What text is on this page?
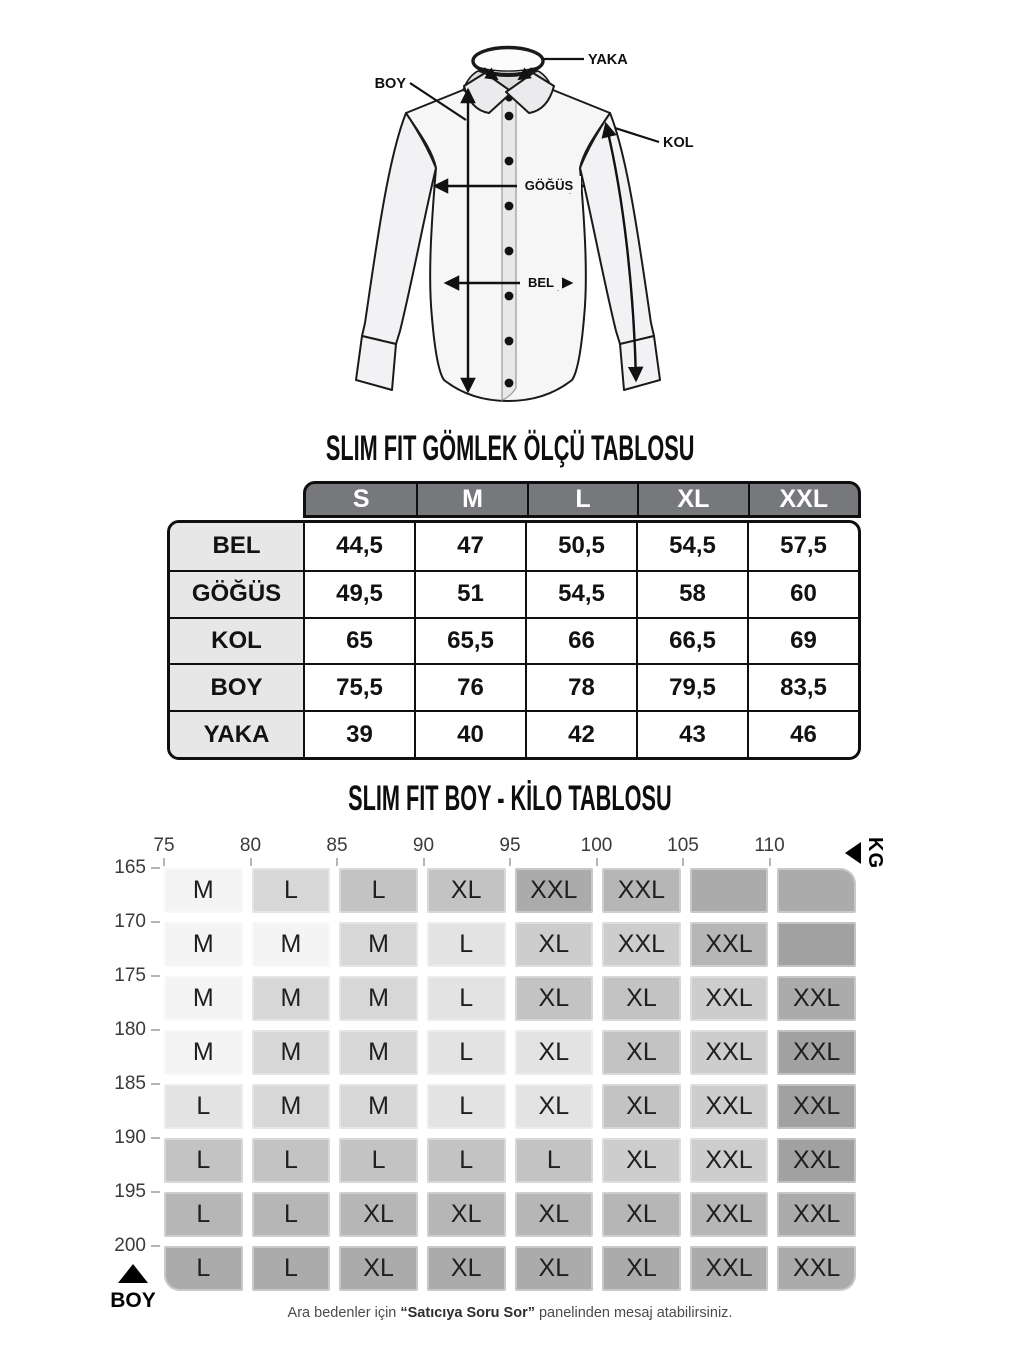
BOY
YAKA
KOL
GÖĞÜS
BEL
SLIM FIT GÖMLEK ÖLÇÜ TABLOSU
S	M	L	XL	XXL
BEL	44,5	47	50,5	54,5	57,5
GÖĞÜS	49,5	51	54,5	58	60
KOL	65	65,5	66	66,5	69
BOY	75,5	76	78	79,5	83,5
YAKA	39	40	42	43	46
SLIM FIT BOY - KİLO TABLOSU
75	80	85	90	95	100	105	110	KG
165
170
175
180
185
190
195
200
M	L	L	XL	XXL	XXL
M	M	M	L	XL	XXL	XXL
M	M	M	L	XL	XL	XXL	XXL
M	M	M	L	XL	XL	XXL	XXL
L	M	M	L	XL	XL	XXL	XXL
L	L	L	L	L	XL	XXL	XXL
L	L	XL	XL	XL	XL	XXL	XXL
L	L	XL	XL	XL	XL	XXL	XXL
BOY
Ara bedenler için “Satıcıya Soru Sor” panelinden mesaj atabilirsiniz.
